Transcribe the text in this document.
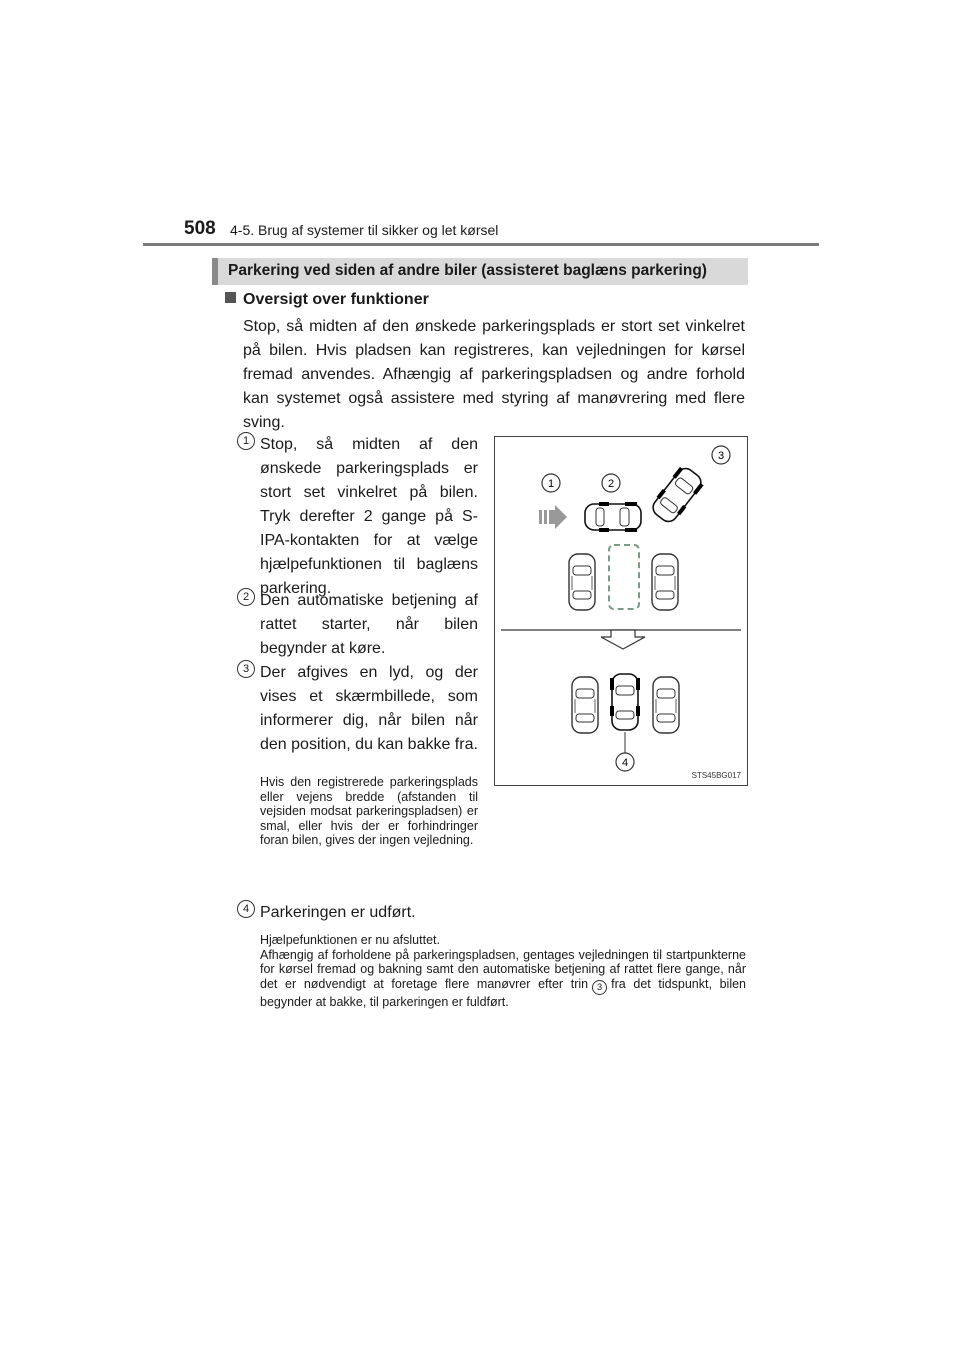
508 4-5. Brug af systemer til sikker og let kørsel
Parkering ved siden af andre biler (assisteret baglæns parkering)
Oversigt over funktioner

Stop, så midten af den ønskede parkeringsplads er stort set vinkelret på bilen. Hvis pladsen kan registreres, kan vejledningen for kørsel fremad anvendes. Afhængig af parkeringspladsen og andre forhold kan systemet også assistere med styring af manøvrering med flere sving.

1 Stop, så midten af den ønskede parkeringsplads er stort set vinkelret på bilen. Tryk derefter 2 gange på S-IPA-kontakten for at vælge hjælpefunktionen til baglæns parkering.

2 Den automatiske betjening af rattet starter, når bilen begynder at køre.

3 Der afgives en lyd, og der vises et skærmbillede, som informerer dig, når bilen når den position, du kan bakke fra.

Hvis den registrerede parkeringsplads eller vejens bredde (afstanden til vejsiden modsat parkeringspladsen) er smal, eller hvis der er forhindringer foran bilen, gives der ingen vejledning.

4 Parkeringen er udført.

1	2
3
4
STS45BG017

Hjælpefunktionen er nu afsluttet.

Afhængig af forholdene på parkeringspladsen, gentages vejledningen til startpunkterne for kørsel fremad og bakning samt den automatiske betjening af rattet flere gange, når det er nødvendigt at foretage flere manøvrer efter trin 3 fra det tidspunkt, bilen begynder at bakke, til parkeringen er fuldført.
